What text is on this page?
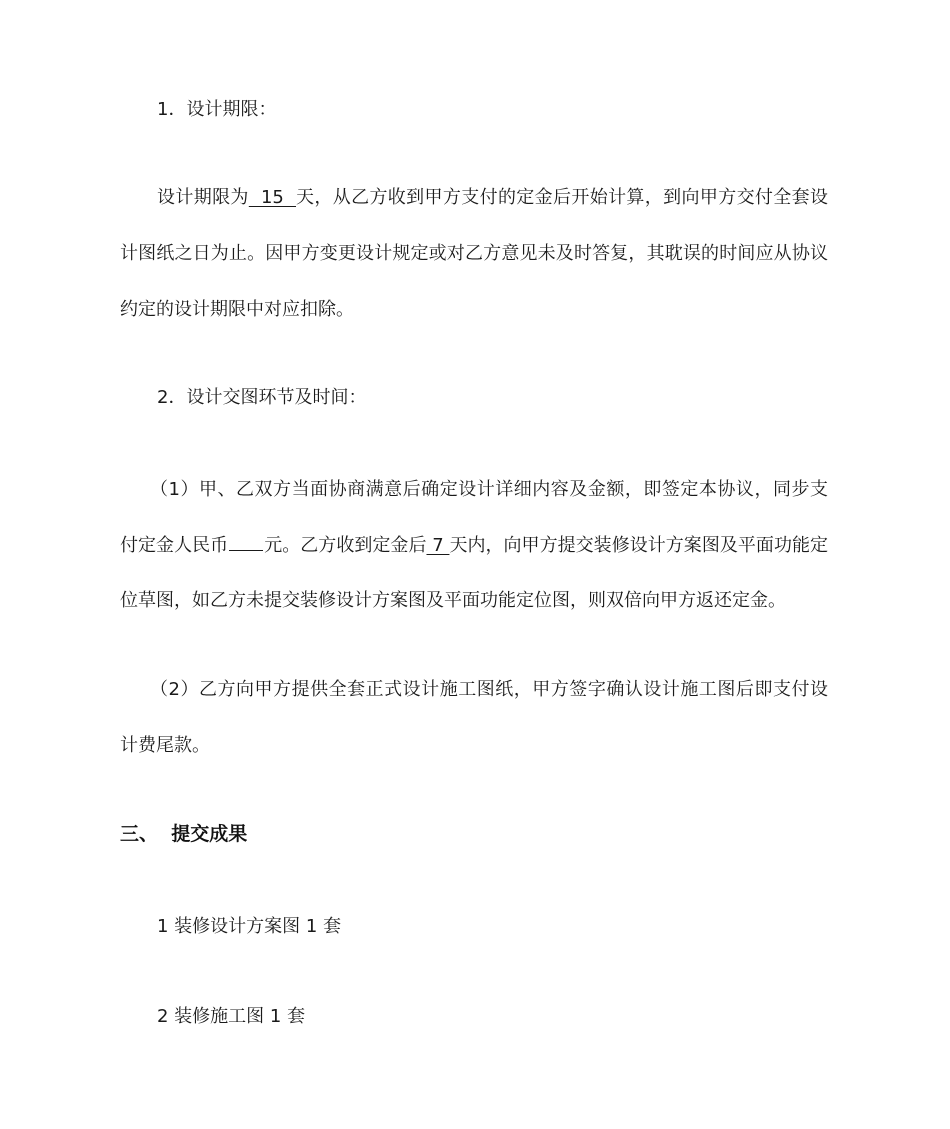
1．设计期限：
设计期限为  15  天，从乙方收到甲方支付的定金后开始计算，到向甲方交付全套设
计图纸之日为止。因甲方变更设计规定或对乙方意见未及时答复，其耽误的时间应从协议
约定的设计期限中对应扣除。
2．设计交图环节及时间：
（1）甲、乙双方当面协商满意后确定设计详细内容及金额，即签定本协议，同步支
付定金人民币 元。乙方收到定金后 7 天内，向甲方提交装修设计方案图及平面功能定
位草图，如乙方未提交装修设计方案图及平面功能定位图，则双倍向甲方返还定金。
（2）乙方向甲方提供全套正式设计施工图纸，甲方签字确认设计施工图后即支付设
计费尾款。
三、  提交成果
1 装修设计方案图 1 套
2 装修施工图 1 套
